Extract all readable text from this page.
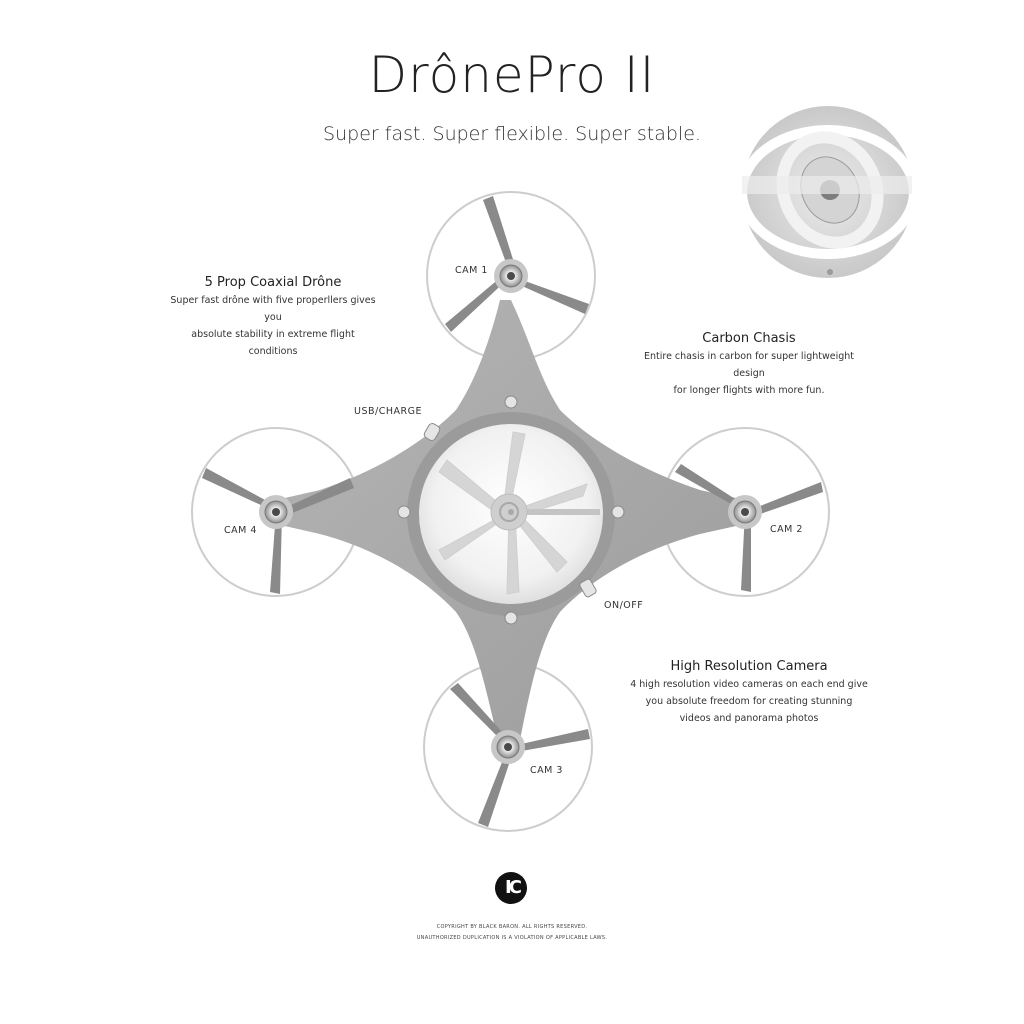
DrônePro II
Super fast. Super flexible. Super stable.
IC
5 Prop Coaxial Drône
Super fast drône with five properllers gives you
absolute stability in extreme flight conditions
Carbon Chasis
Entire chasis in carbon for super lightweight design
for longer flights with more fun.
High Resolution Camera
4 high resolution video cameras on each end give
you absolute freedom for creating stunning
videos and panorama photos
CAM 1
CAM 2
CAM 3
CAM 4
USB/CHARGE
ON/OFF
COPYRIGHT BY BLACK BARON. ALL RIGHTS RESERVED.
UNAUTHORIZED DUPLICATION IS A VIOLATION OF APPLICABLE LAWS.
